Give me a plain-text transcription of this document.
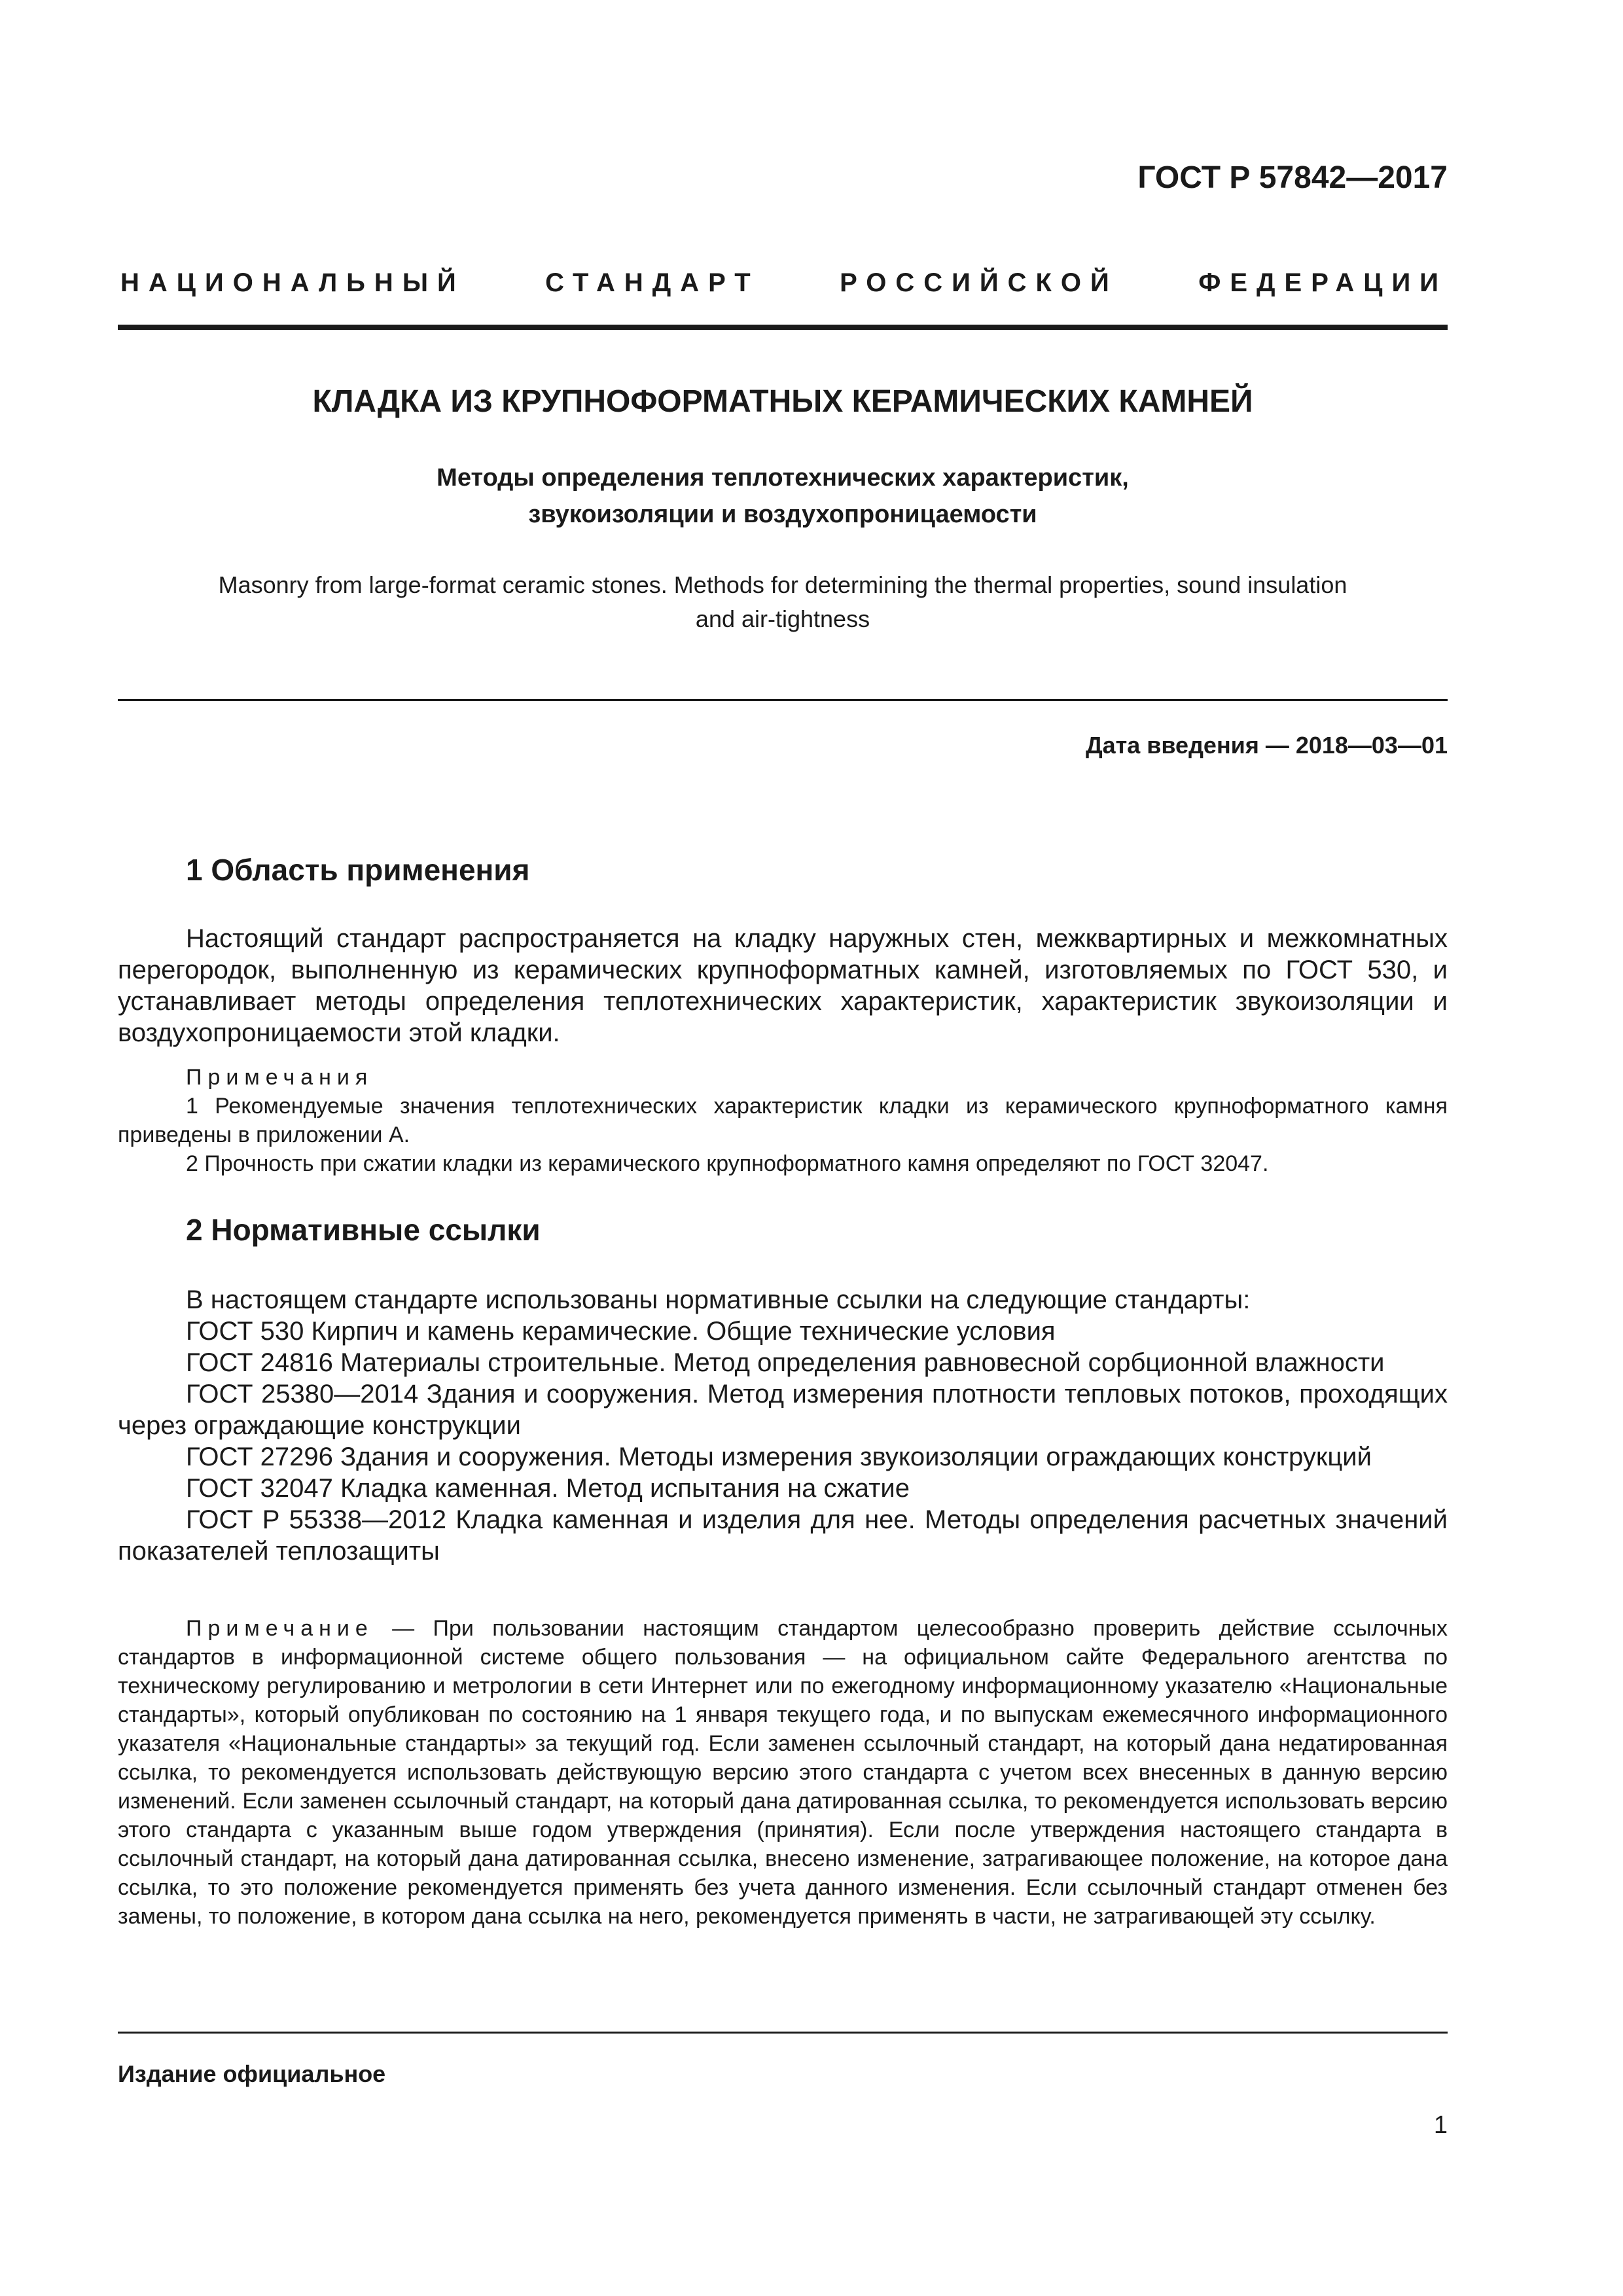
ГОСТ Р 57842—2017
НАЦИОНАЛЬНЫЙ	СТАНДАРТ	РОССИЙСКОЙ	ФЕДЕРАЦИИ
КЛАДКА ИЗ КРУПНОФОРМАТНЫХ КЕРАМИЧЕСКИХ КАМНЕЙ
Методы определения теплотехнических характеристик,
звукоизоляции и воздухопроницаемости
Masonry from large-format ceramic stones. Methods for determining the thermal properties, sound insulation
and air-tightness
Дата введения — 2018—03—01
1 Область применения

Настоящий стандарт распространяется на кладку наружных стен, межквартирных и межкомнатных перегородок, выполненную из керамических крупноформатных камней, изготовляемых по ГОСТ 530, и устанавливает методы определения теплотехнических характеристик, характеристик звукоизоляции и воздухопроницаемости этой кладки.

Примечания

1 Рекомендуемые значения теплотехнических характеристик кладки из керамического крупноформатного камня приведены в приложении А.

2 Прочность при сжатии кладки из керамического крупноформатного камня определяют по ГОСТ 32047.

2 Нормативные ссылки

В настоящем стандарте использованы нормативные ссылки на следующие стандарты:

ГОСТ 530 Кирпич и камень керамические. Общие технические условия

ГОСТ 24816 Материалы строительные. Метод определения равновесной сорбционной влажности

ГОСТ 25380—2014 Здания и сооружения. Метод измерения плотности тепловых потоков, проходящих через ограждающие конструкции

ГОСТ 27296 Здания и сооружения. Методы измерения звукоизоляции ограждающих конструкций

ГОСТ 32047 Кладка каменная. Метод испытания на сжатие

ГОСТ Р 55338—2012 Кладка каменная и изделия для нее. Методы определения расчетных значений показателей теплозащиты

Примечание — При пользовании настоящим стандартом целесообразно проверить действие ссылочных стандартов в информационной системе общего пользования — на официальном сайте Федерального агентства по техническому регулированию и метрологии в сети Интернет или по ежегодному информационному указателю «Национальные стандарты», который опубликован по состоянию на 1 января текущего года, и по выпускам ежемесячного информационного указателя «Национальные стандарты» за текущий год. Если заменен ссылочный стандарт, на который дана недатированная ссылка, то рекомендуется использовать действующую версию этого стандарта с учетом всех внесенных в данную версию изменений. Если заменен ссылочный стандарт, на который дана датированная ссылка, то рекомендуется использовать версию этого стандарта с указанным выше годом утверждения (принятия). Если после утверждения настоящего стандарта в ссылочный стандарт, на который дана датированная ссылка, внесено изменение, затрагивающее положение, на которое дана ссылка, то это положение рекомендуется применять без учета данного изменения. Если ссылочный стандарт отменен без замены, то положение, в котором дана ссылка на него, рекомендуется применять в части, не затрагивающей эту ссылку.

Издание официальное
1
